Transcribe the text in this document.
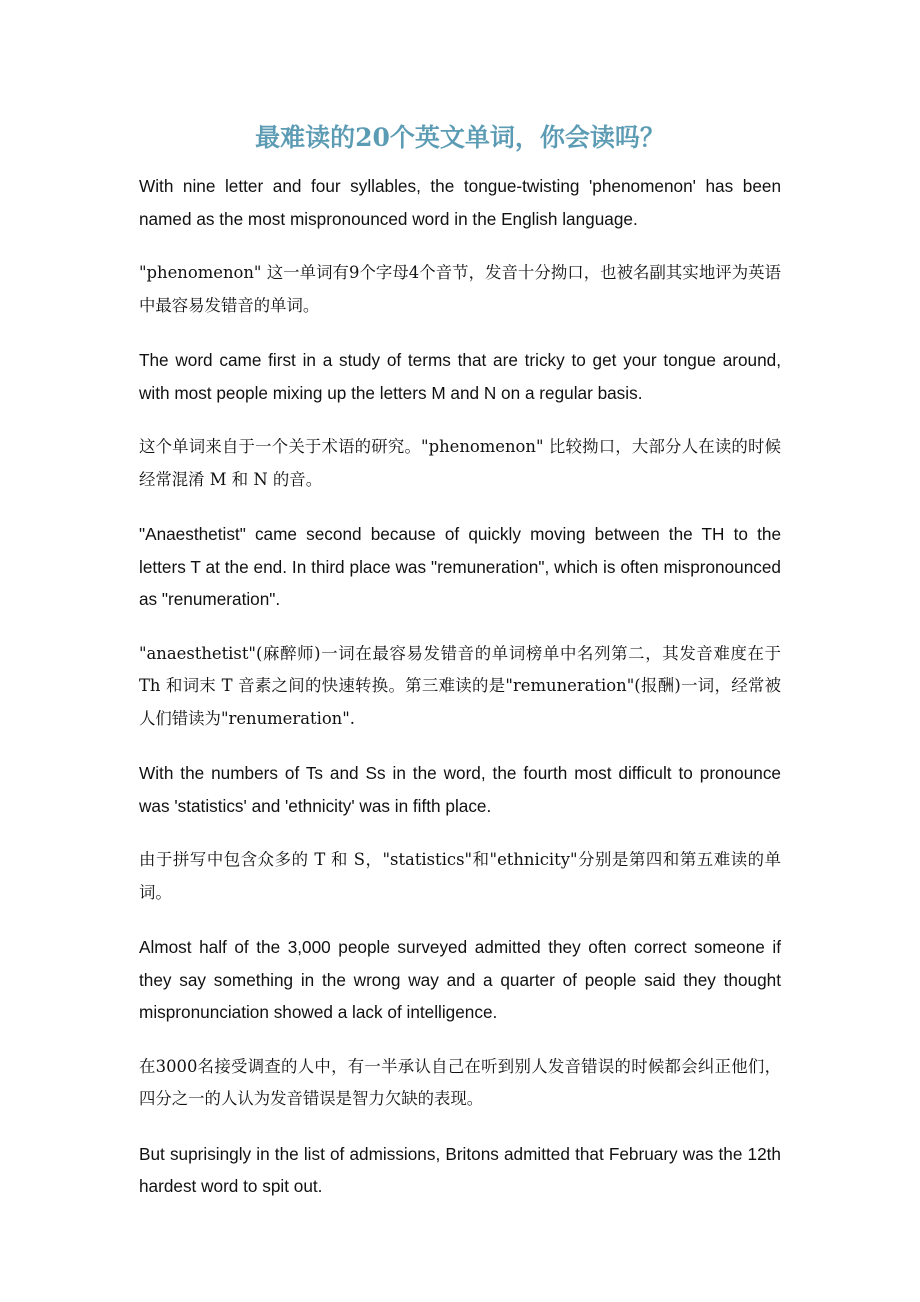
最难读的20个英文单词，你会读吗？

With nine letter and four syllables, the tongue-twisting 'phenomenon' has been named as the most mispronounced word in the English language.

"phenomenon" 这一单词有9个字母4个音节，发音十分拗口，也被名副其实地评为英语中最容易发错音的单词。

The word came first in a study of terms that are tricky to get your tongue around, with most people mixing up the letters M and N on a regular basis.

这个单词来自于一个关于术语的研究。"phenomenon" 比较拗口，大部分人在读的时候经常混淆 M 和 N 的音。

"Anaesthetist" came second because of quickly moving between the TH to the letters T at the end. In third place was "remuneration", which is often mispronounced as "renumeration".

"anaesthetist"(麻醉师)一词在最容易发错音的单词榜单中名列第二，其发音难度在于 Th 和词末 T 音素之间的快速转换。第三难读的是"remuneration"(报酬)一词，经常被人们错读为"renumeration".

With the numbers of Ts and Ss in the word, the fourth most difficult to pronounce was 'statistics' and 'ethnicity' was in fifth place.

由于拼写中包含众多的 T 和 S，"statistics"和"ethnicity"分别是第四和第五难读的单词。

Almost half of the 3,000 people surveyed admitted they often correct someone if they say something in the wrong way and a quarter of people said they thought mispronunciation showed a lack of intelligence.

在3000名接受调查的人中，有一半承认自己在听到别人发音错误的时候都会纠正他们，四分之一的人认为发音错误是智力欠缺的表现。

But suprisingly in the list of admissions, Britons admitted that February was the 12th hardest word to spit out.
